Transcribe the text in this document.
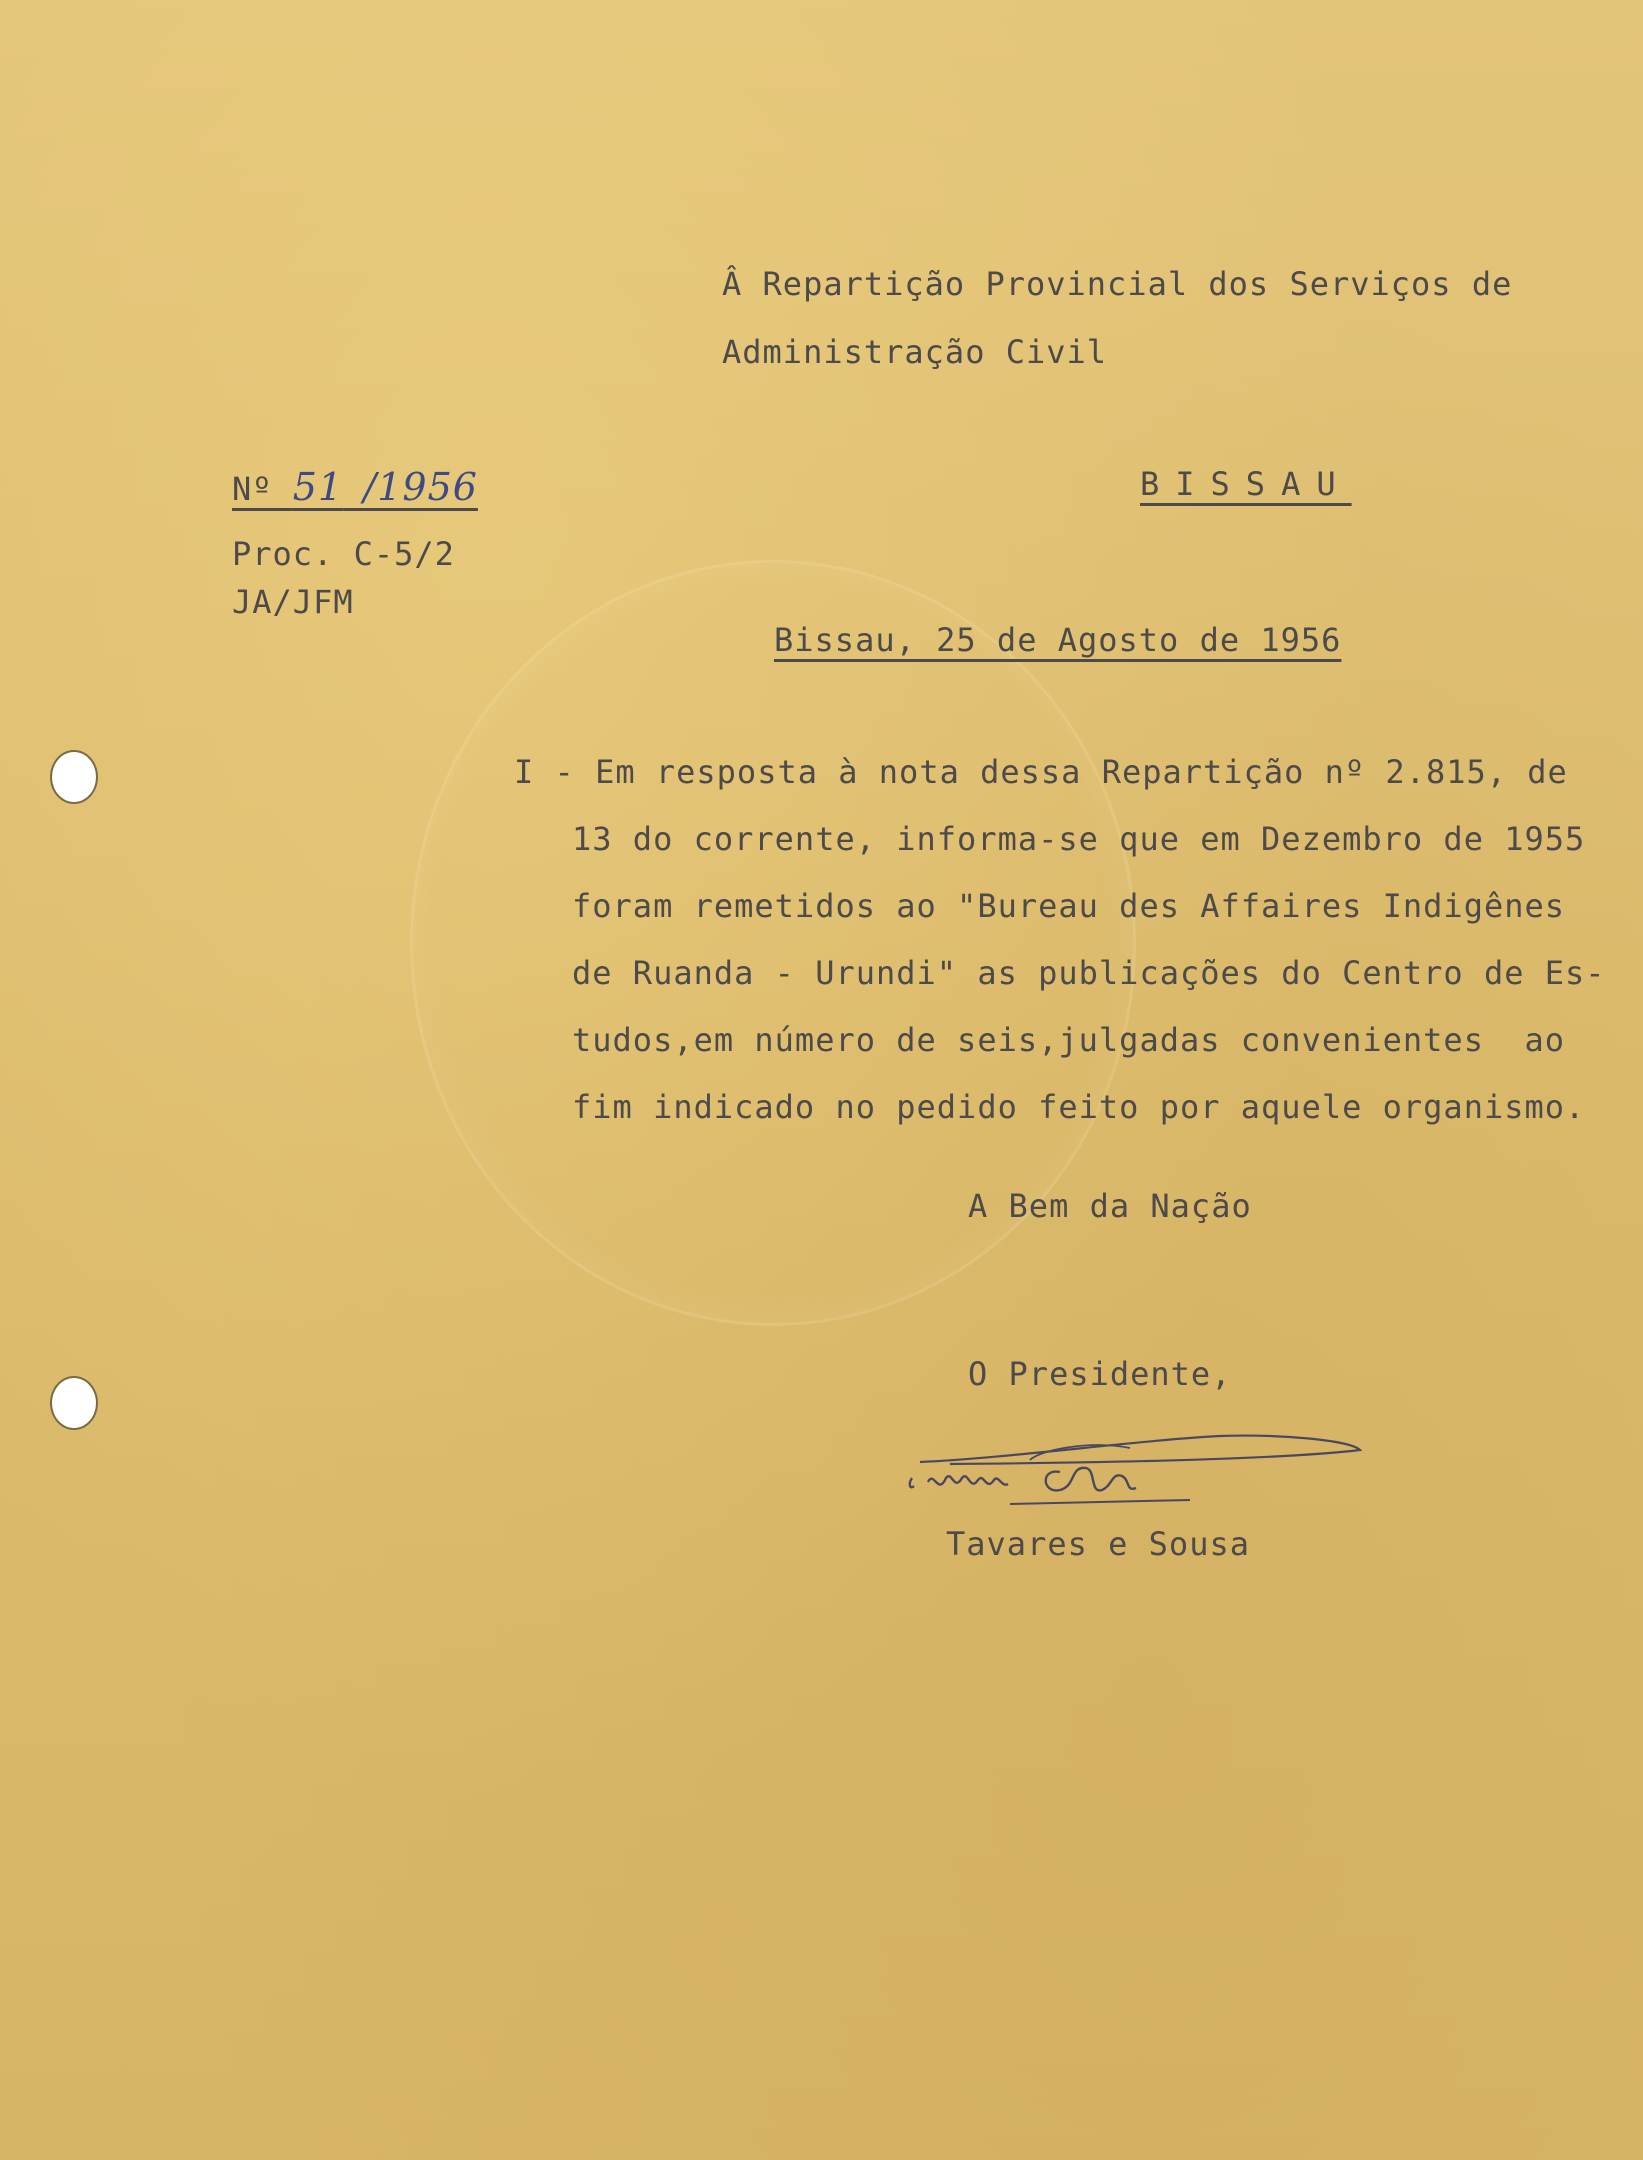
Â Repartição Provincial dos Serviços de
Administração Civil
Nº 51 /1956	BISSAU
Proc. C-5/2
JA/JFM
Bissau, 25 de Agosto de 1956
I - Em resposta à nota dessa Repartição nº 2.815, de
13 do corrente, informa-se que em Dezembro de 1955
foram remetidos ao "Bureau des Affaires Indigênes
de Ruanda - Urundi" as publicações do Centro de Es-
tudos,em número de seis,julgadas convenientes  ao
fim indicado no pedido feito por aquele organismo.
A Bem da Nação
O Presidente,
Tavares e Sousa
